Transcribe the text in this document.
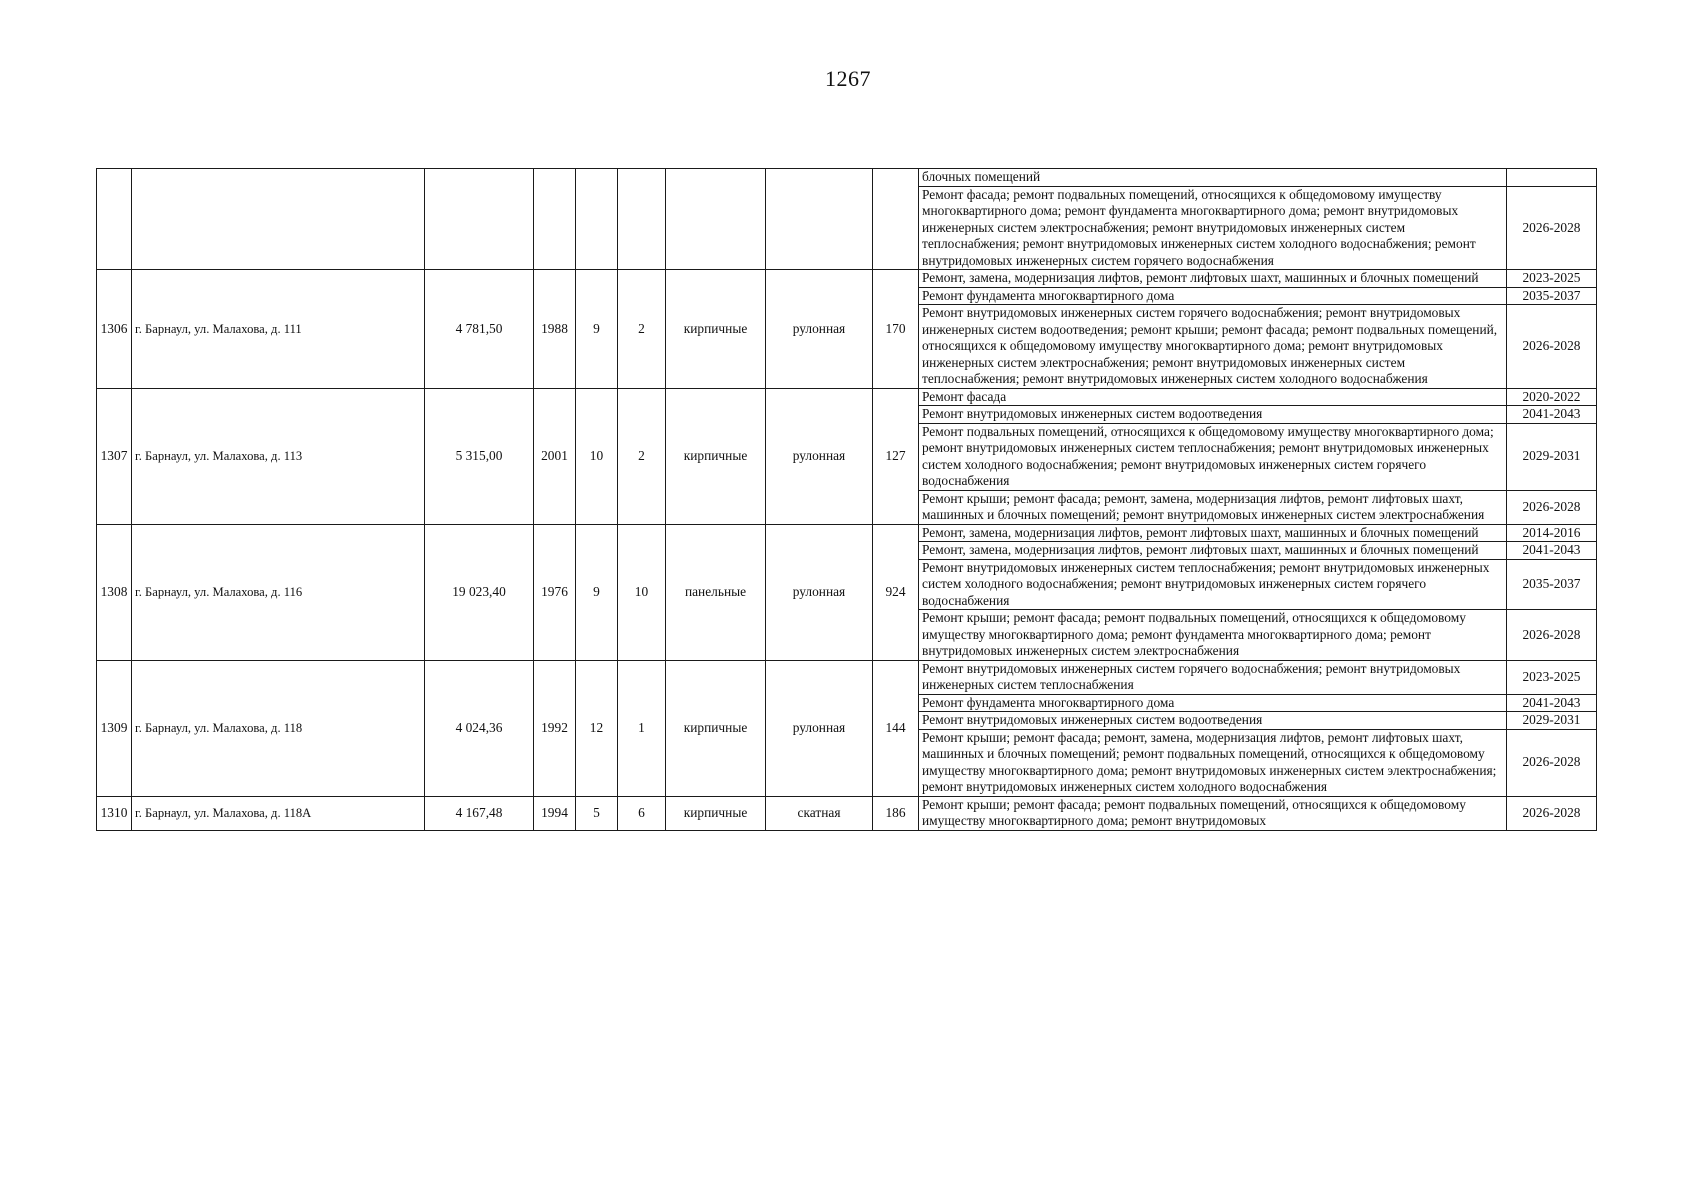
1267
									блочных помещений	
									Ремонт фасада; ремонт подвальных помещений, относящихся к общедомовому имуществу многоквартирного дома; ремонт фундамента многоквартирного дома; ремонт внутридомовых инженерных систем электроснабжения; ремонт внутридомовых инженерных систем теплоснабжения; ремонт внутридомовых инженерных систем холодного водоснабжения; ремонт внутридомовых инженерных систем горячего водоснабжения	2026-2028
1306	г. Барнаул, ул. Малахова, д. 111	4 781,50	1988	9	2	кирпичные	рулонная	170	Ремонт, замена, модернизация лифтов, ремонт лифтовых шахт, машинных и блочных помещений	2023-2025
									Ремонт фундамента многоквартирного дома	2035-2037
									Ремонт внутридомовых инженерных систем горячего водоснабжения; ремонт внутридомовых инженерных систем водоотведения; ремонт крыши; ремонт фасада; ремонт подвальных помещений, относящихся к общедомовому имуществу многоквартирного дома; ремонт внутридомовых инженерных систем электроснабжения; ремонт внутридомовых инженерных систем теплоснабжения; ремонт внутридомовых инженерных систем холодного водоснабжения	2026-2028
1307	г. Барнаул, ул. Малахова, д. 113	5 315,00	2001	10	2	кирпичные	рулонная	127	Ремонт фасада	2020-2022
									Ремонт внутридомовых инженерных систем водоотведения	2041-2043
									Ремонт подвальных помещений, относящихся к общедомовому имуществу многоквартирного дома; ремонт внутридомовых инженерных систем теплоснабжения; ремонт внутридомовых инженерных систем холодного водоснабжения; ремонт внутридомовых инженерных систем горячего водоснабжения	2029-2031
									Ремонт крыши; ремонт фасада; ремонт, замена, модернизация лифтов, ремонт лифтовых шахт, машинных и блочных помещений; ремонт внутридомовых инженерных систем электроснабжения	2026-2028
1308	г. Барнаул, ул. Малахова, д. 116	19 023,40	1976	9	10	панельные	рулонная	924	Ремонт, замена, модернизация лифтов, ремонт лифтовых шахт, машинных и блочных помещений	2014-2016
									Ремонт, замена, модернизация лифтов, ремонт лифтовых шахт, машинных и блочных помещений	2041-2043
									Ремонт внутридомовых инженерных систем теплоснабжения; ремонт внутридомовых инженерных систем холодного водоснабжения; ремонт внутридомовых инженерных систем горячего водоснабжения	2035-2037
									Ремонт крыши; ремонт фасада; ремонт подвальных помещений, относящихся к общедомовому имуществу многоквартирного дома; ремонт фундамента многоквартирного дома; ремонт внутридомовых инженерных систем электроснабжения	2026-2028
1309	г. Барнаул, ул. Малахова, д. 118	4 024,36	1992	12	1	кирпичные	рулонная	144	Ремонт внутридомовых инженерных систем горячего водоснабжения; ремонт внутридомовых инженерных систем теплоснабжения	2023-2025
									Ремонт фундамента многоквартирного дома	2041-2043
									Ремонт внутридомовых инженерных систем водоотведения	2029-2031
									Ремонт крыши; ремонт фасада; ремонт, замена, модернизация лифтов, ремонт лифтовых шахт, машинных и блочных помещений; ремонт подвальных помещений, относящихся к общедомовому имуществу многоквартирного дома; ремонт внутридомовых инженерных систем электроснабжения; ремонт внутридомовых инженерных систем холодного водоснабжения	2026-2028
1310	г. Барнаул, ул. Малахова, д. 118А	4 167,48	1994	5	6	кирпичные	скатная	186	Ремонт крыши; ремонт фасада; ремонт подвальных помещений, относящихся к общедомовому имуществу многоквартирного дома; ремонт внутридомовых	2026-2028
